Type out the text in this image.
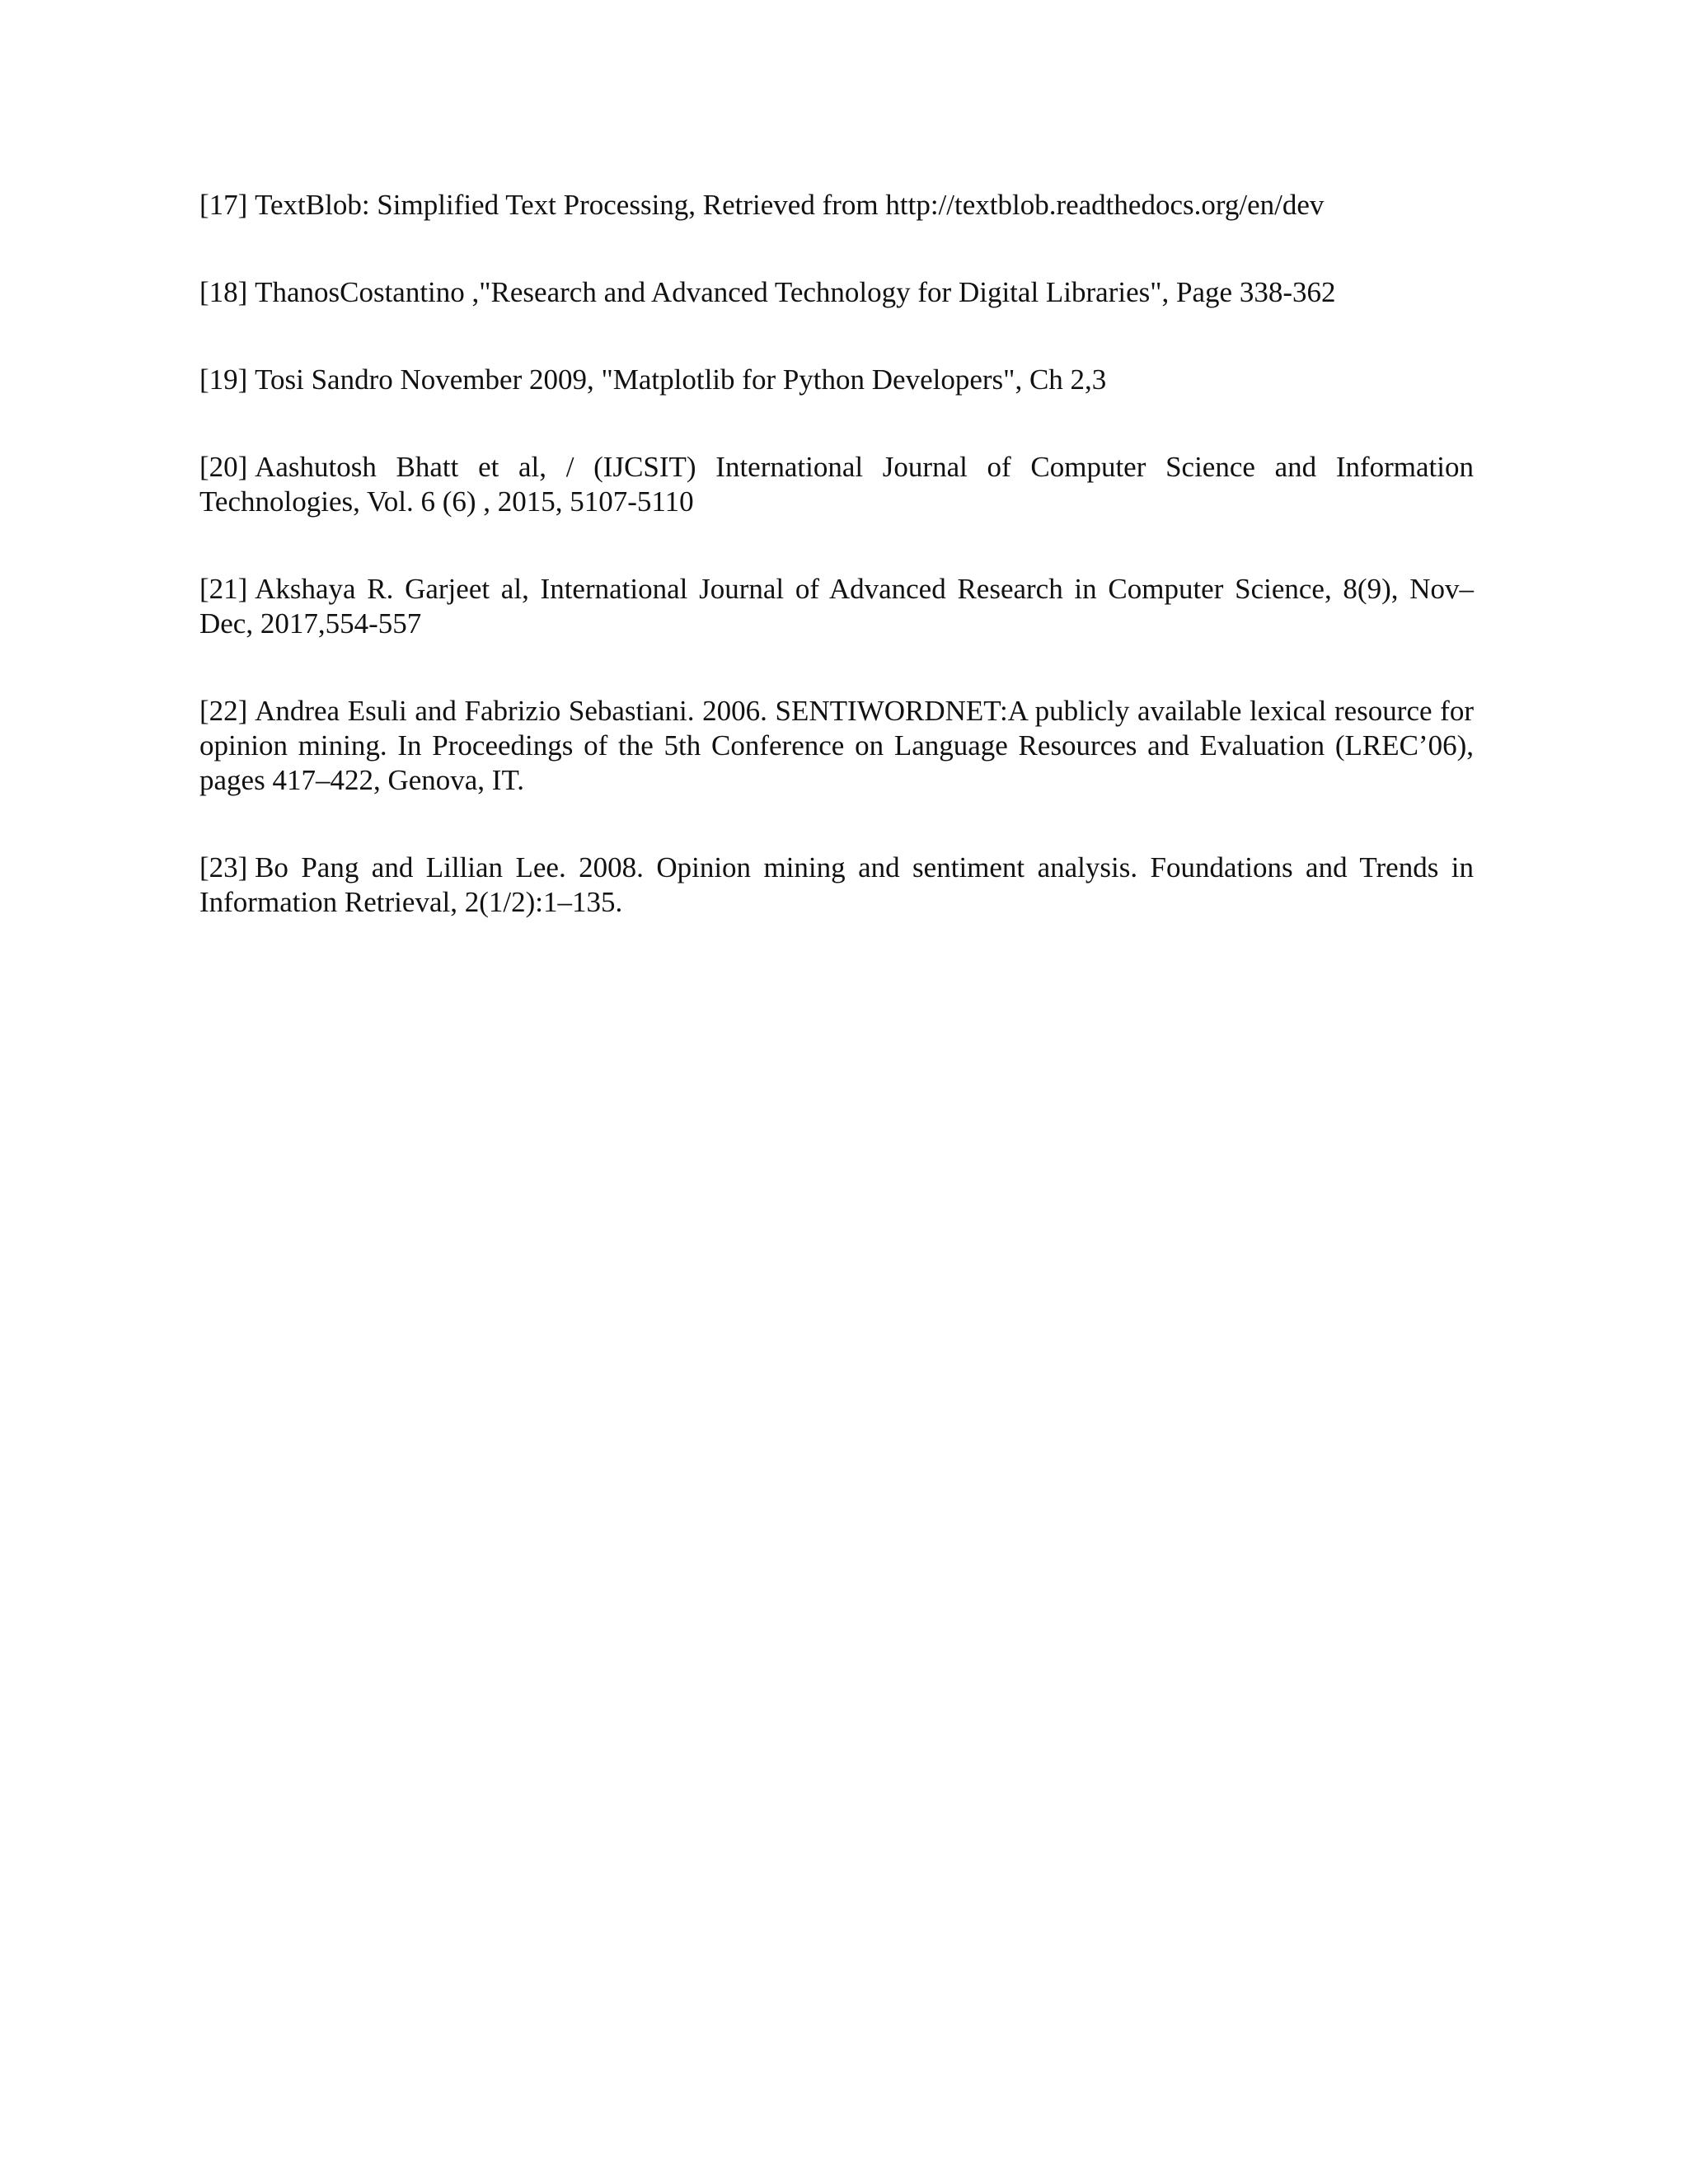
[17] TextBlob: Simplified Text Processing, Retrieved from http://textblob.readthedocs.org/en/dev
[18] ThanosCostantino ,"Research and Advanced Technology for Digital Libraries", Page 338-362
[19] Tosi Sandro November 2009, "Matplotlib for Python Developers", Ch 2,3
[20] Aashutosh Bhatt et al, / (IJCSIT) International Journal of Computer Science and Information Technologies, Vol. 6 (6) , 2015, 5107-5110
[21] Akshaya R. Garjeet al, International Journal of Advanced Research in Computer Science, 8(9), Nov– Dec, 2017,554-557
[22] Andrea Esuli and Fabrizio Sebastiani. 2006. SENTIWORDNET:A publicly available lexical resource for opinion mining. In Proceedings of the 5th Conference on Language Resources and Evaluation (LREC’06), pages 417–422, Genova, IT.
[23] Bo Pang and Lillian Lee. 2008. Opinion mining and sentiment analysis. Foundations and Trends in Information Retrieval, 2(1/2):1–135.
